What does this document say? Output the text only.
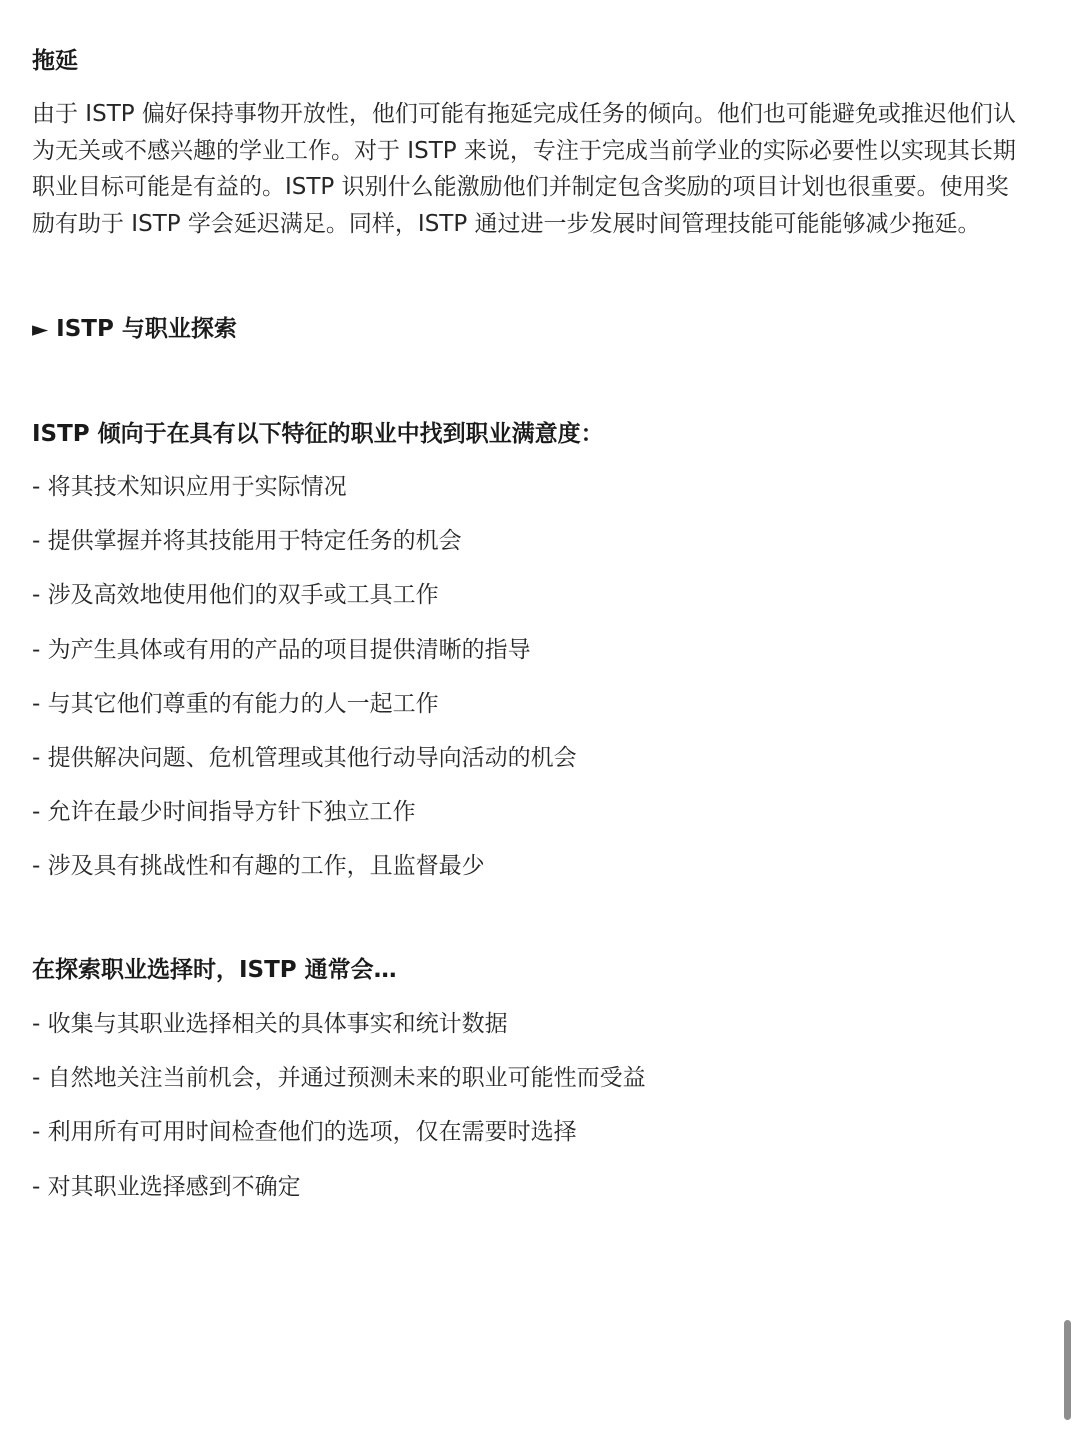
拖延

由于 ISTP 偏好保持事物开放性，他们可能有拖延完成任务的倾向。他们也可能避免或推迟他们认

为无关或不感兴趣的学业工作。对于 ISTP 来说，专注于完成当前学业的实际必要性以实现其长期

职业目标可能是有益的。ISTP 识别什么能激励他们并制定包含奖励的项目计划也很重要。使用奖

励有助于 ISTP 学会延迟满足。同样，ISTP 通过进一步发展时间管理技能可能能够减少拖延。

► ISTP 与职业探索
ISTP 倾向于在具有以下特征的职业中找到职业满意度：
- 将其技术知识应用于实际情况
- 提供掌握并将其技能用于特定任务的机会
- 涉及高效地使用他们的双手或工具工作
- 为产生具体或有用的产品的项目提供清晰的指导
- 与其它他们尊重的有能力的人一起工作
- 提供解决问题、危机管理或其他行动导向活动的机会
- 允许在最少时间指导方针下独立工作
- 涉及具有挑战性和有趣的工作，且监督最少
在探索职业选择时，ISTP 通常会…
- 收集与其职业选择相关的具体事实和统计数据
- 自然地关注当前机会，并通过预测未来的职业可能性而受益
- 利用所有可用时间检查他们的选项，仅在需要时选择
- 对其职业选择感到不确定
